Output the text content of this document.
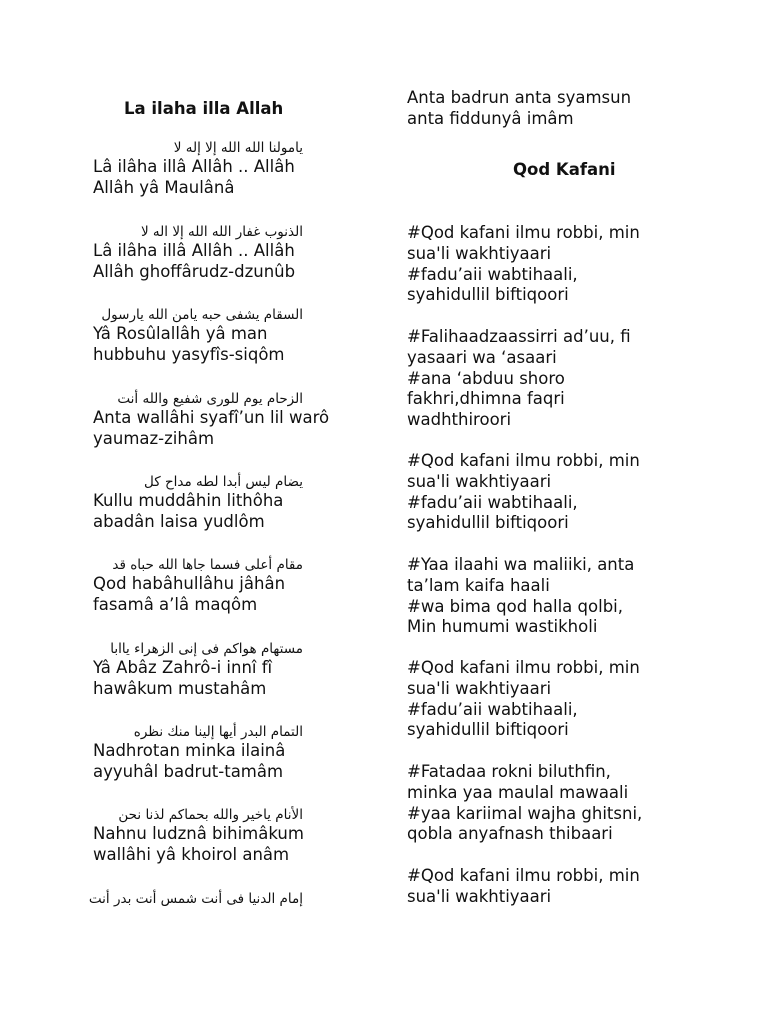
La ilaha illa Allah

يامولنا الله الله إلا إله لا

Lâ ilâha illâ Allâh .. Allâh

Allâh yâ Maulânâ

الذنوب غفار الله الله إلا اله لا

Lâ ilâha illâ Allâh .. Allâh

Allâh ghoffârudz-dzunûb

السقام يشفى حبه يامن الله يارسول

Yâ Rosûlallâh yâ man

hubbuhu yasyfîs-siqôm

الزحام يوم للورى شفيع والله أنت

Anta wallâhi syafî’un lil warô

yaumaz-zihâm

يضام ليس أبدا لطه مداح كل

Kullu muddâhin lithôha

abadân laisa yudlôm

مقام أعلى فسما جاها الله حباه قد

Qod habâhullâhu jâhân

fasamâ a’lâ maqôm

مستهام هواكم فى إنى الزهراء ياابا

Yâ Abâz Zahrô-i innî fî

hawâkum mustahâm

التمام البدر أيها إلينا منك نظره

Nadhrotan minka ilainâ

ayyuhâl badrut-tamâm

الأنام ياخير والله بحماكم لذنا نحن

Nahnu ludznâ bihimâkum

wallâhi yâ khoirol anâm

إمام الدنيا فى أنت شمس أنت بدر أنت

Anta badrun anta syamsun

anta fiddunyâ imâm

Qod Kafani

#Qod kafani ilmu robbi, min

sua'li wakhtiyaari

#fadu’aii wabtihaali,

syahidullil biftiqoori

#Falihaadzaassirri ad’uu, fi

yasaari wa ‘asaari

#ana ‘abduu shoro

fakhri,dhimna faqri

wadhthiroori

#Qod kafani ilmu robbi, min

sua'li wakhtiyaari

#fadu’aii wabtihaali,

syahidullil biftiqoori

#Yaa ilaahi wa maliiki, anta

ta’lam kaifa haali

#wa bima qod halla qolbi,

Min humumi wastikholi

#Qod kafani ilmu robbi, min

sua'li wakhtiyaari

#fadu’aii wabtihaali,

syahidullil biftiqoori

#Fatadaa rokni biluthfin,

minka yaa maulal mawaali

#yaa kariimal wajha ghitsni,

qobla anyafnash thibaari

#Qod kafani ilmu robbi, min

sua'li wakhtiyaari
